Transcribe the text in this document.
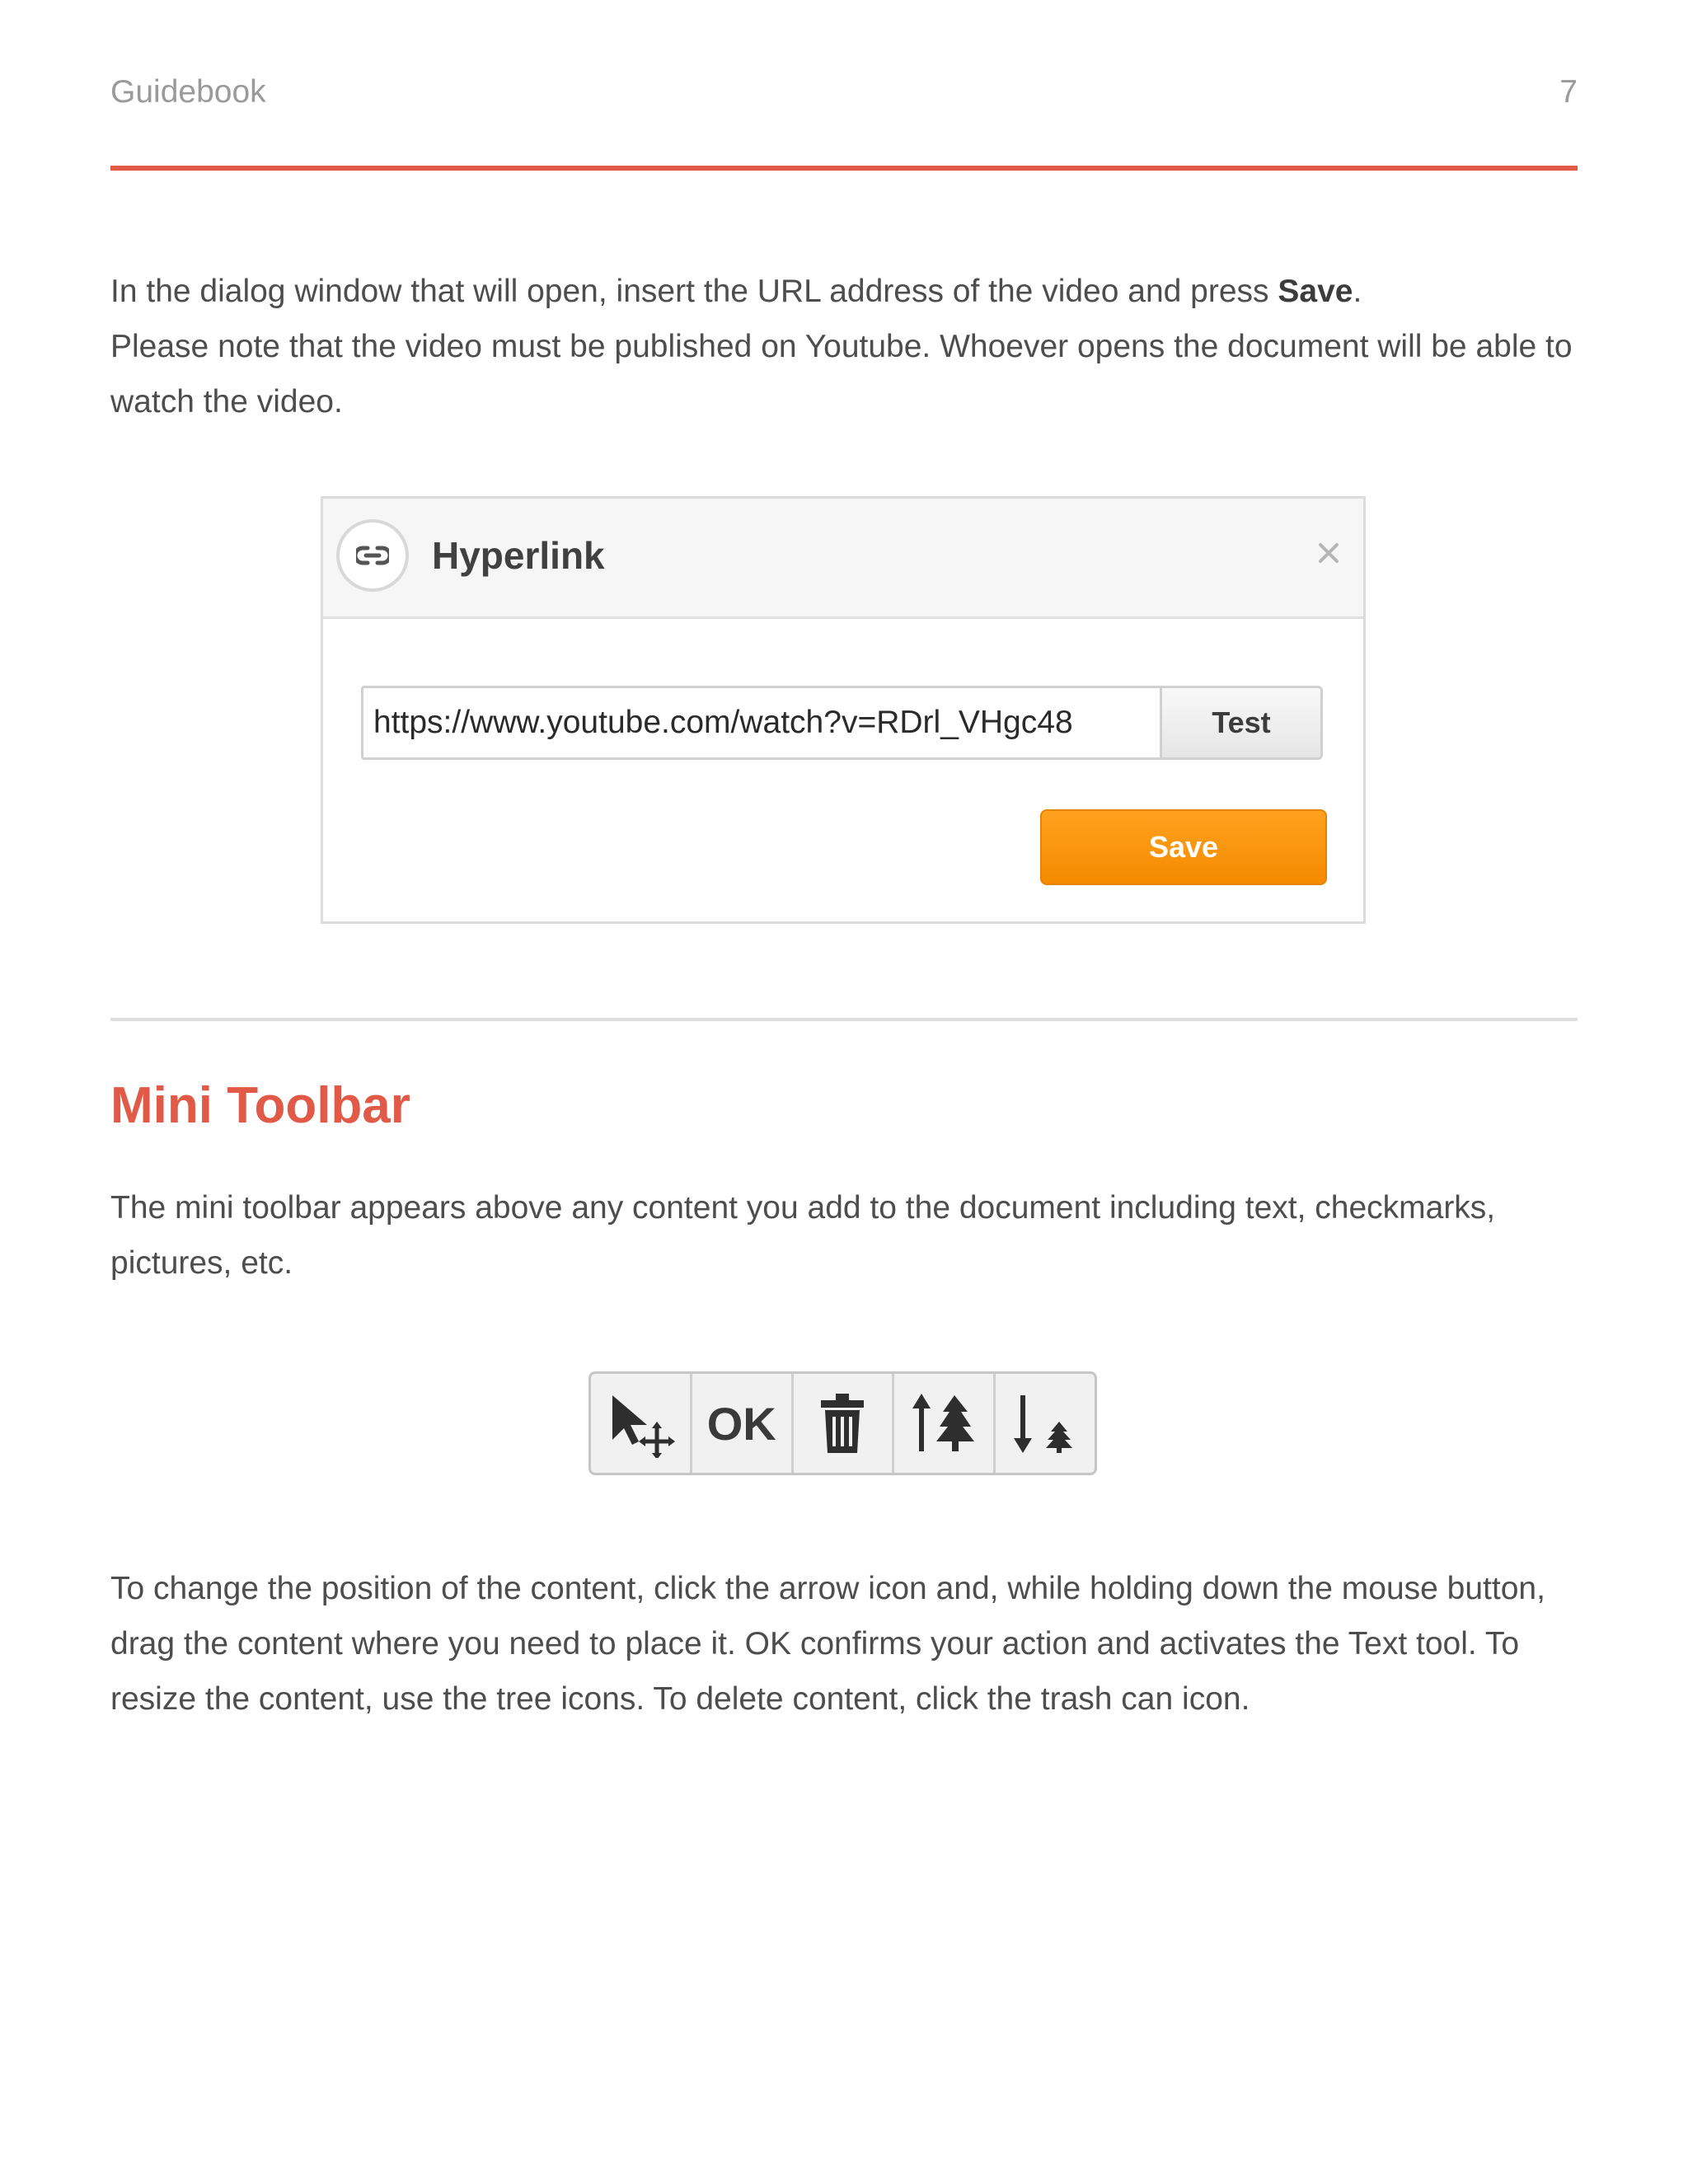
Guidebook	7

In the dialog window that will open, insert the URL address of the video and press Save.
Please note that the video must be published on Youtube. Whoever opens the document will be able to watch the video.

Hyperlink
https://www.youtube.com/watch?v=RDrl_VHgc48
Test
Save
Mini Toolbar

The mini toolbar appears above any content you add to the document including text, checkmarks, pictures, etc.

OK

To change the position of the content, click the arrow icon and, while holding down the mouse button, drag the content where you need to place it. OK confirms your action and activates the Text tool. To resize the content, use the tree icons. To delete content, click the trash can icon.
